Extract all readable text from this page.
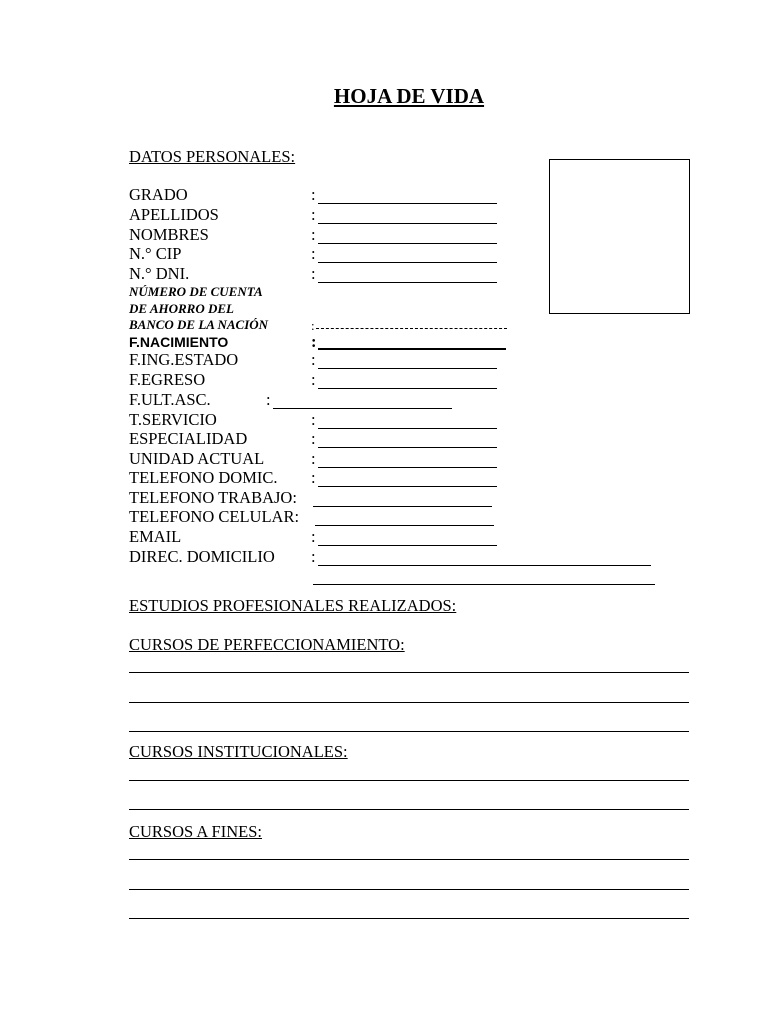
HOJA DE VIDA
DATOS PERSONALES:
GRADO	:
APELLIDOS	:
NOMBRES	:
N.° CIP	:
N.° DNI.	:
NÚMERO DE CUENTA
DE AHORRO DEL
BANCO DE LA NACIÓN	:
F.NACIMIENTO	:
F.ING.ESTADO	:
F.EGRESO	:
F.ULT.ASC.	:
T.SERVICIO	:
ESPECIALIDAD	:
UNIDAD ACTUAL	:
TELEFONO DOMIC. :
TELEFONO TRABAJO:
TELEFONO CELULAR:
EMAIL	:
DIREC. DOMICILIO :
ESTUDIOS PROFESIONALES REALIZADOS:
CURSOS DE PERFECCIONAMIENTO:
CURSOS INSTITUCIONALES:
CURSOS A FINES:
